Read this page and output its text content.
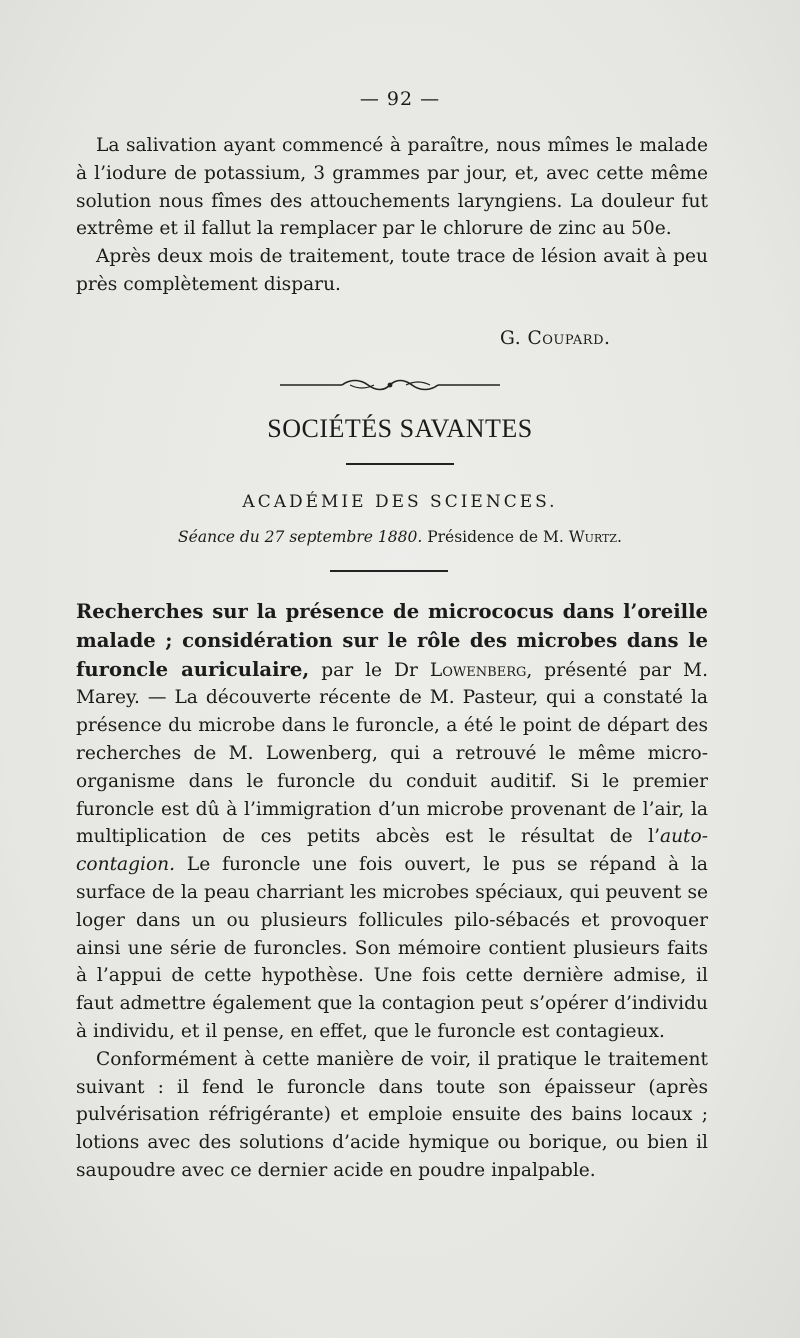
— 92 —

La salivation ayant commencé à paraître, nous mîmes le malade à l’iodure de potassium, 3 grammes par jour, et, avec cette même solution nous fîmes des attouchements laryngiens. La douleur fut extrême et il fallut la remplacer par le chlorure de zinc au 50e.

Après deux mois de traitement, toute trace de lésion avait à peu près complètement disparu.

G. Coupard.
SOCIÉTÉS SAVANTES
ACADÉMIE DES SCIENCES.
Séance du 27 septembre 1880. Présidence de M. Wurtz.

Recherches sur la présence de micrococus dans l’oreille malade ; considération sur le rôle des microbes dans le furoncle auriculaire, par le Dr Lowenberg, présenté par M. Marey. — La découverte récente de M. Pasteur, qui a constaté la présence du microbe dans le furoncle, a été le point de départ des recherches de M. Lowenberg, qui a retrouvé le même micro-organisme dans le furoncle du conduit auditif. Si le premier furoncle est dû à l’immigration d’un microbe provenant de l’air, la multiplication de ces petits abcès est le résultat de l’auto-contagion. Le furoncle une fois ouvert, le pus se répand à la surface de la peau charriant les microbes spéciaux, qui peuvent se loger dans un ou plusieurs follicules pilo-sébacés et provoquer ainsi une série de furoncles. Son mémoire contient plusieurs faits à l’appui de cette hypothèse. Une fois cette dernière admise, il faut admettre également que la contagion peut s’opérer d’individu à individu, et il pense, en effet, que le furoncle est contagieux.

Conformément à cette manière de voir, il pratique le traitement suivant : il fend le furoncle dans toute son épaisseur (après pulvérisation réfrigérante) et emploie ensuite des bains locaux ; lotions avec des solutions d’acide hymique ou borique, ou bien il saupoudre avec ce dernier acide en poudre inpalpable.
